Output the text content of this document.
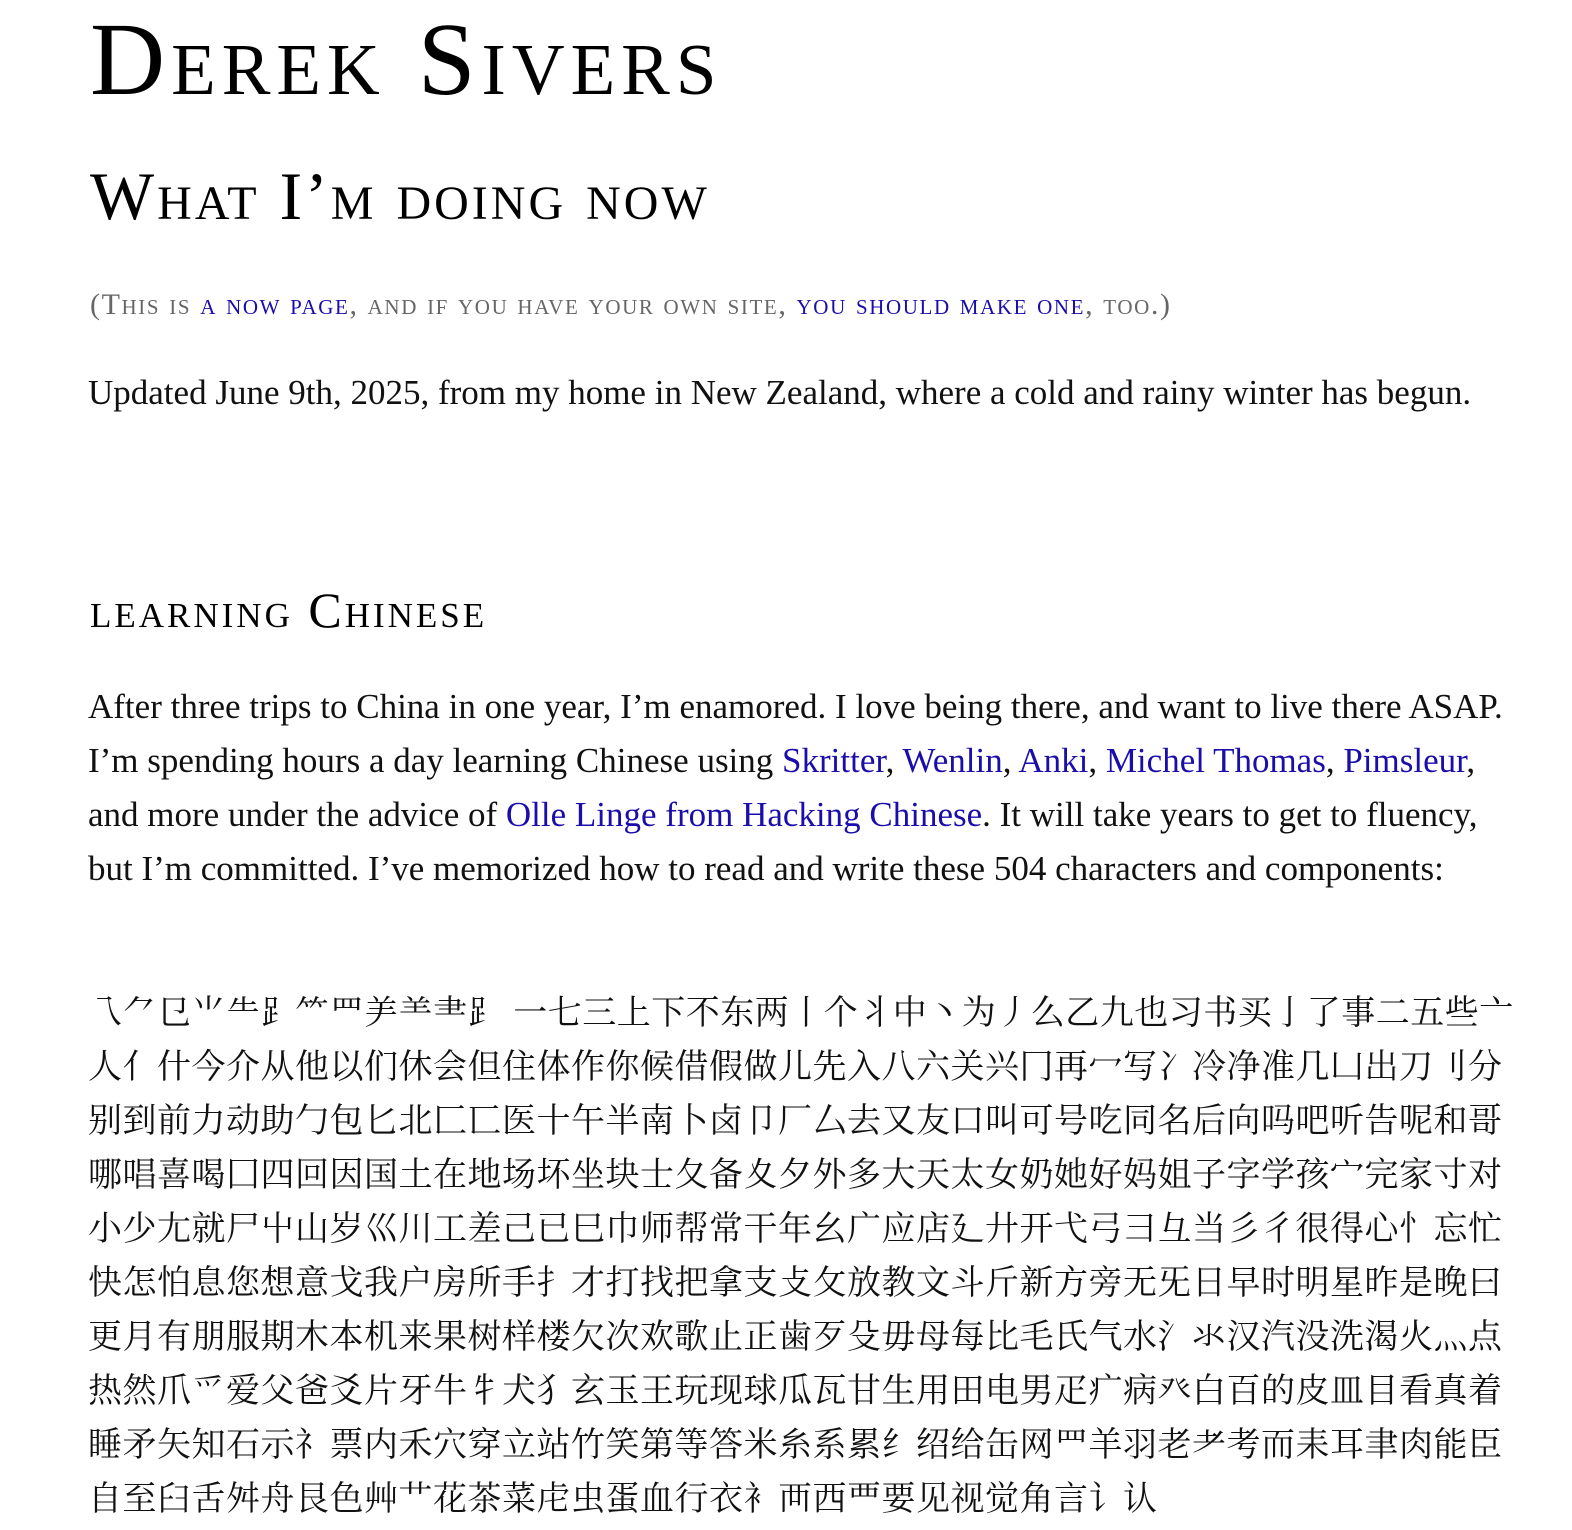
Derek Sivers
What I’m doing now
(This is a now page, and if you have your own site, you should make one, too.)

Updated June 9th, 2025, from my home in New Zealand, where a cold and rainy winter has begun.

learning Chinese

After three trips to China in one year, I’m enamored. I love being there, and want to live there ASAP. I’m spending hours a day learning Chinese using Skritter, Wenlin, Anki, Michel Thomas, Pimsleur, and more under the advice of Olle Linge from Hacking Chinese. It will take years to get to fluency, but I’m committed. I’ve memorized how to read and write these 504 characters and components:

乁⺈㔾⺌⺧⻊⺮⺲⺶⺷⺻⻊ 一七三上下不东两丨个丬中丶为丿么乙九也习书买亅了事二五些亠人亻什今介从他以们休会但住体作你候借假做儿先入八六关兴冂再冖写冫冷净准几凵出刀刂分别到前力动助勹包匕北匚匸医十午半南卜卤卩厂厶去又友口叫可号吃同名后向吗吧听告呢和哥哪唱喜喝囗四回因国土在地场坏坐块士夂备夊夕外多大天太女奶她好妈姐子字学孩宀完家寸对小少尢就尸屮山岁巛川工差己已巳巾师帮常干年幺广应店廴廾开弋弓彐彑当彡彳很得心忄忘忙快怎怕息您想意戈我户房所手扌才打找把拿支攴攵放教文斗斤新方旁无旡日早时明星昨是晚曰更月有朋服期木本机来果树样楼欠次欢歌止正歯歹殳毋母每比毛氏气水氵氺汉汽没洗渴火灬点热然爪爫爱父爸爻片牙牛牜犬犭玄玉王玩现球瓜瓦甘生用田电男疋疒病癶白百的皮皿目看真着睡矛矢知石示礻票内禾穴穿立站竹笑第等答米糸系累纟绍给缶网罒羊羽老耂考而耒耳聿肉能臣自至臼舌舛舟艮色艸艹花茶菜虍虫蛋血行衣衤襾西覀要见视觉角言讠认
